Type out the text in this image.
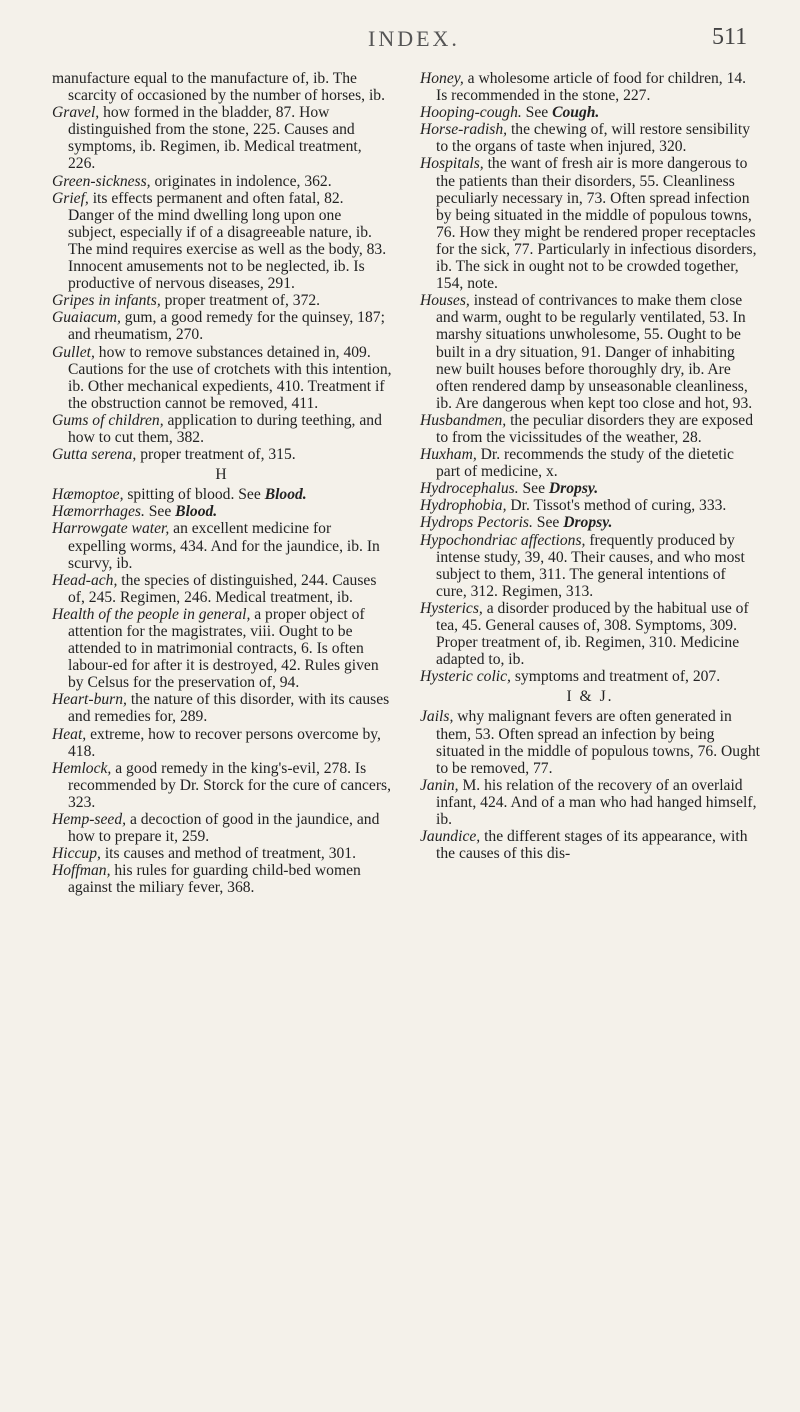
INDEX.	511

manufacture equal to the manufacture of, ib. The scarcity of occasioned by the number of horses, ib.

Gravel, how formed in the bladder, 87. How distinguished from the stone, 225. Causes and symptoms, ib. Regimen, ib. Medical treatment, 226.

Green-sickness, originates in indolence, 362.

Grief, its effects permanent and often fatal, 82. Danger of the mind dwelling long upon one subject, especially if of a disagreeable nature, ib. The mind requires exercise as well as the body, 83. Innocent amusements not to be neglected, ib. Is productive of nervous diseases, 291.

Gripes in infants, proper treatment of, 372.

Guaiacum, gum, a good remedy for the quinsey, 187; and rheumatism, 270.

Gullet, how to remove substances detained in, 409. Cautions for the use of crotchets with this intention, ib. Other mechanical expedients, 410. Treatment if the obstruction cannot be removed, 411.

Gums of children, application to during teething, and how to cut them, 382.

Gutta serena, proper treatment of, 315.

H

Hæmoptoe, spitting of blood. See Blood.

Hæmorrhages. See Blood.

Harrowgate water, an excellent medicine for expelling worms, 434. And for the jaundice, ib. In scurvy, ib.

Head-ach, the species of distinguished, 244. Causes of, 245. Regimen, 246. Medical treatment, ib.

Health of the people in general, a proper object of attention for the magistrates, viii. Ought to be attended to in matrimonial contracts, 6. Is often labour-ed for after it is destroyed, 42. Rules given by Celsus for the preservation of, 94.

Heart-burn, the nature of this disorder, with its causes and remedies for, 289.

Heat, extreme, how to recover persons overcome by, 418.

Hemlock, a good remedy in the king's-evil, 278. Is recommended by Dr. Storck for the cure of cancers, 323.

Hemp-seed, a decoction of good in the jaundice, and how to prepare it, 259.

Hiccup, its causes and method of treatment, 301.

Hoffman, his rules for guarding child-bed women against the miliary fever, 368.

Honey, a wholesome article of food for children, 14. Is recommended in the stone, 227.

Hooping-cough. See Cough.

Horse-radish, the chewing of, will restore sensibility to the organs of taste when injured, 320.

Hospitals, the want of fresh air is more dangerous to the patients than their disorders, 55. Cleanliness peculiarly necessary in, 73. Often spread infection by being situated in the middle of populous towns, 76. How they might be rendered proper receptacles for the sick, 77. Particularly in infectious disorders, ib. The sick in ought not to be crowded together, 154, note.

Houses, instead of contrivances to make them close and warm, ought to be regularly ventilated, 53. In marshy situations unwholesome, 55. Ought to be built in a dry situation, 91. Danger of inhabiting new built houses before thoroughly dry, ib. Are often rendered damp by unseasonable cleanliness, ib. Are dangerous when kept too close and hot, 93.

Husbandmen, the peculiar disorders they are exposed to from the vicissitudes of the weather, 28.

Huxham, Dr. recommends the study of the dietetic part of medicine, x.

Hydrocephalus. See Dropsy.

Hydrophobia, Dr. Tissot's method of curing, 333.

Hydrops Pectoris. See Dropsy.

Hypochondriac affections, frequently produced by intense study, 39, 40. Their causes, and who most subject to them, 311. The general intentions of cure, 312. Regimen, 313.

Hysterics, a disorder produced by the habitual use of tea, 45. General causes of, 308. Symptoms, 309. Proper treatment of, ib. Regimen, 310. Medicine adapted to, ib.

Hysteric colic, symptoms and treatment of, 207.

I & J.

Jails, why malignant fevers are often generated in them, 53. Often spread an infection by being situated in the middle of populous towns, 76. Ought to be removed, 77.

Janin, M. his relation of the recovery of an overlaid infant, 424. And of a man who had hanged himself, ib.

Jaundice, the different stages of its appearance, with the causes of this dis-
